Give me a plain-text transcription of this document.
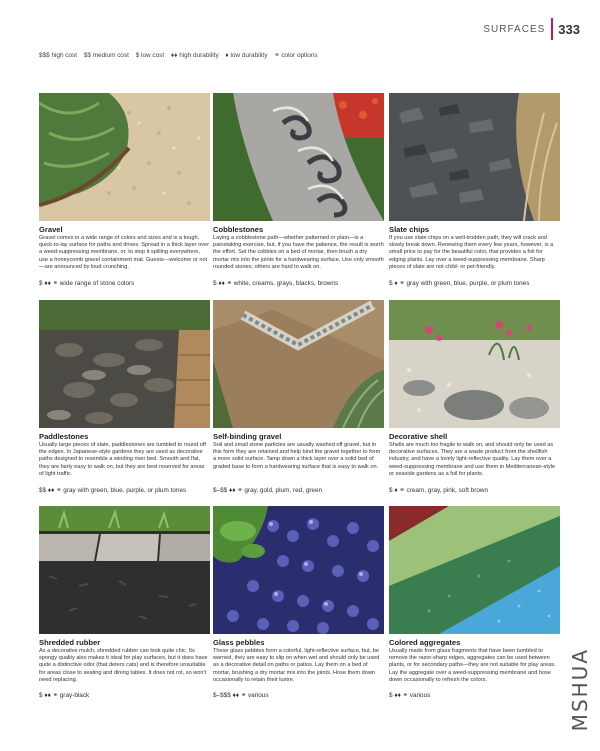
SURFACES 333
$$$ high cost $$ medium cost $ low cost ♦♦ high durability ♦ low durability ⚭ color options
Gravel

Gravel comes in a wide range of colors and sizes and is a tough, quick-to-lay surface for paths and drives. Spread in a thick layer over a weed-suppressing membrane, or, to stop it spilling everywhere, use a honeycomb gravel containment mat. Guests—welcome or not—are announced by loud crunching.

$ ♦♦ ⚭ wide range of stone colors
Cobblestones

Laying a cobblestone path—whether patterned or plain—is a painstaking exercise, but, if you have the patience, the result is worth the effort. Set the cobbles on a bed of mortar, then brush a dry mortar mix into the joints for a hardwearing surface. Use only smooth rounded stones; others are hard to walk on.

$ ♦♦ ⚭ white, creams, grays, blacks, browns
Slate chips

If you use slate chips on a well-trodden path, they will crack and slowly break down. Renewing them every few years, however, is a small price to pay for the beautiful color, that provides a foil for edging plants. Lay over a weed-suppressing membrane. Sharp pieces of slate are not child- or pet-friendly.

$ ♦ ⚭ gray with green, blue, purple, or plum tones
Paddlestones

Usually large pieces of slate, paddlestones are tumbled to round off the edges. In Japanese-style gardens they are used as decorative paths designed to resemble a winding river bed. Smooth and flat, they are fairly easy to walk on, but they are best reserved for areas of light traffic.

$$ ♦♦ ⚭ gray with green, blue, purple, or plum tones
Self-binding gravel

Soil and small stone particles are usually washed off gravel, but in this form they are retained and help bind the gravel together to form a more solid surface. Tamp down a thick layer over a solid bed of graded base to form a hardwearing surface that is easy to walk on.

$–$$ ♦♦ ⚭ gray, gold, plum, red, green
Decorative shell

Shells are much too fragile to walk on, and should only be used as decorative surfaces. They are a waste product from the shellfish industry, and have a lovely light-reflective quality. Lay them over a weed-suppressing membrane and use them in Mediterranean-style or seaside gardens as a foil for plants.

$ ♦ ⚭ cream, gray, pink, soft brown
Shredded rubber

As a decorative mulch, shredded rubber can look quite chic. Its spongy quality also makes it ideal for play surfaces, but it does have quite a distinctive odor (that deters cats) and is therefore unsuitable for areas close to seating and dining tables. It does not rot, so won't need replacing.

$ ♦♦ ⚭ gray-black
Glass pebbles

These glass pebbles form a colorful, light-reflective surface, but, be warned, they are easy to slip on when wet and should only be used as a decorative detail on paths or patios. Lay them on a bed of mortar, brushing a dry mortar mix into the joints. Hose them down occasionally to retain their lustre.

$–$$$ ♦♦ ⚭ various
Colored aggregates

Usually made from glass fragments that have been tumbled to remove the razor-sharp edges, aggregates can be used between plants, or for secondary paths—they are not suitable for play areas. Lay the aggregate over a weed-suppressing membrane and hose down occasionally to refresh the colors.

$ ♦♦ ⚭ various	MSHUA
